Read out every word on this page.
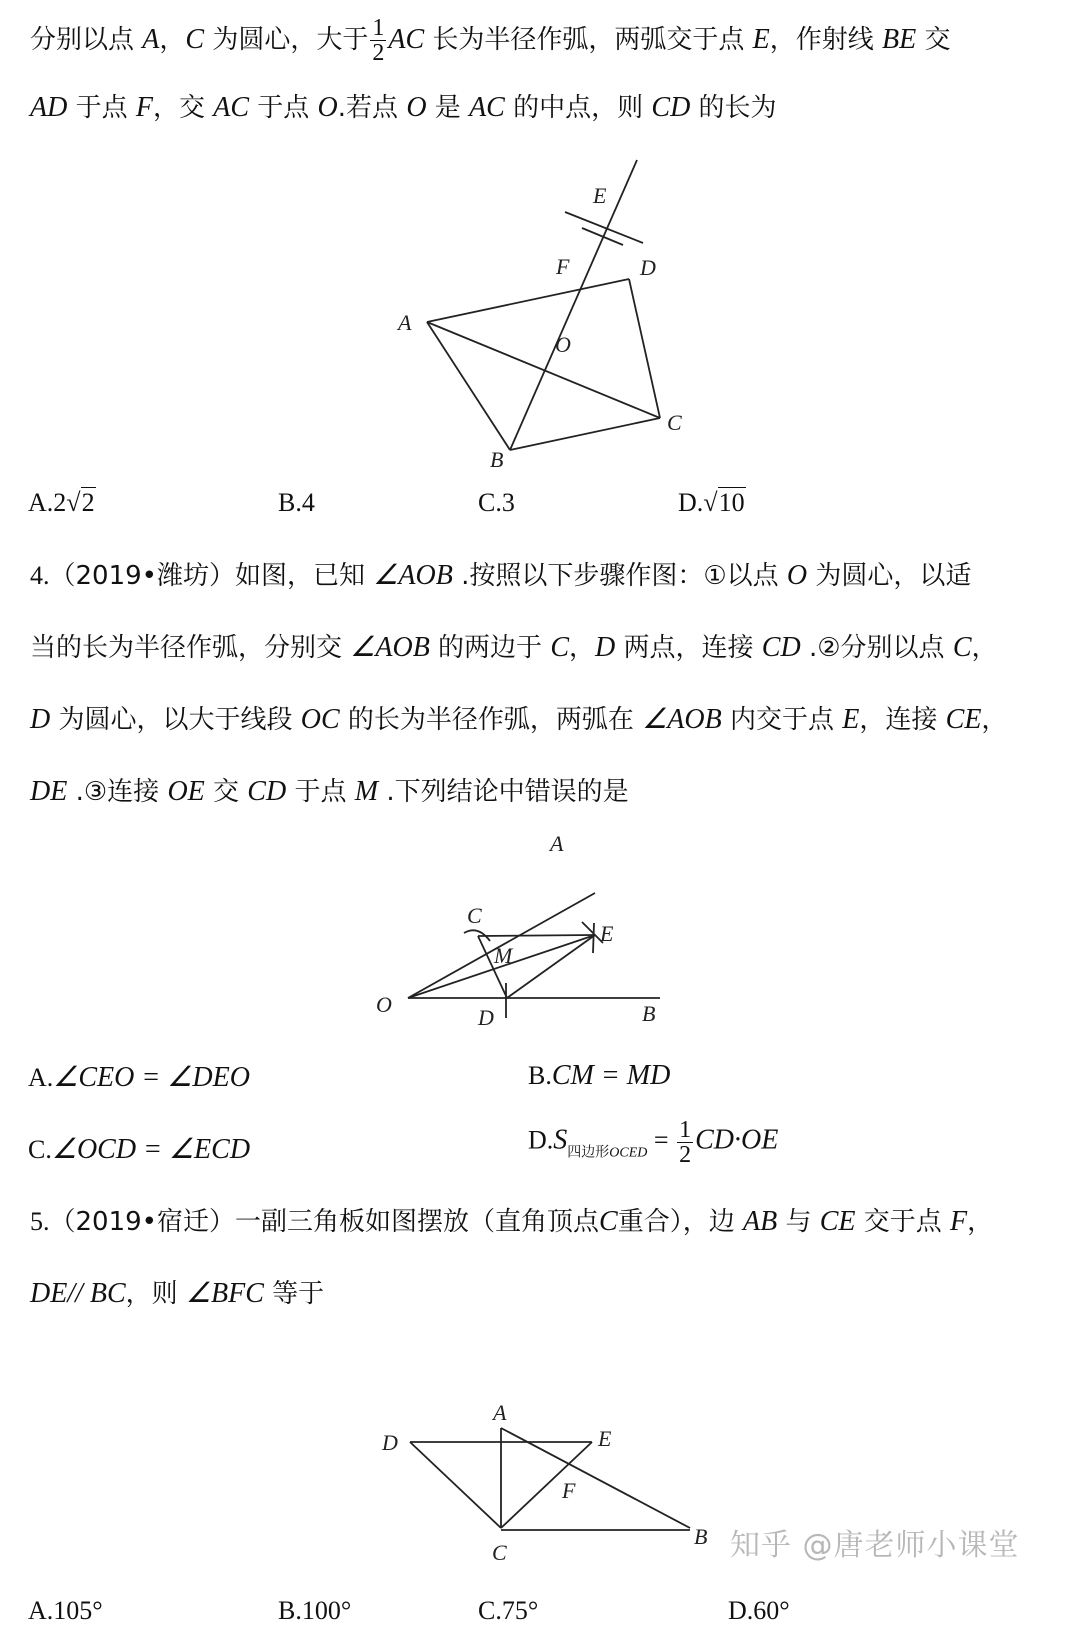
分别以点 A，C 为圆心，大于 $\frac{1}{2}$ AC 长为半径作弧，两弧交于点 E，作射线 BE 交
AD 于点 F，交 AC 于点 O.若点 O 是 AC 的中点，则 CD 的长为
E
F	D
A
O
C
B
A.2√2	B.4	C.3	D.√10
4.（2019•潍坊）如图，已知 ∠AOB .按照以下步骤作图：①以点 O 为圆心，以适
当的长为半径作弧，分别交 ∠AOB 的两边于 C，D 两点，连接 CD .②分别以点 C，
D 为圆心，以大于线段 OC 的长为半径作弧，两弧在 ∠AOB 内交于点 E，连接 CE，
DE .③连接 OE 交 CD 于点 M .下列结论中错误的是
A
C
E
M
O
D	B
A.∠CEO = ∠DEO	B.CM = MD
C.∠OCD = ∠ECD	$D.S_{四边形OCED} = \frac{1}{2} CD\cdot OE$
5.（2019•宿迁）一副三角板如图摆放（直角顶点C重合），边 AB 与 CE 交于点 F，
DE// BC，则 ∠BFC 等于
A
D	E
F
C
B
A.105°	B.100°	C.75°	D.60°
知乎 @唐老师小课堂
